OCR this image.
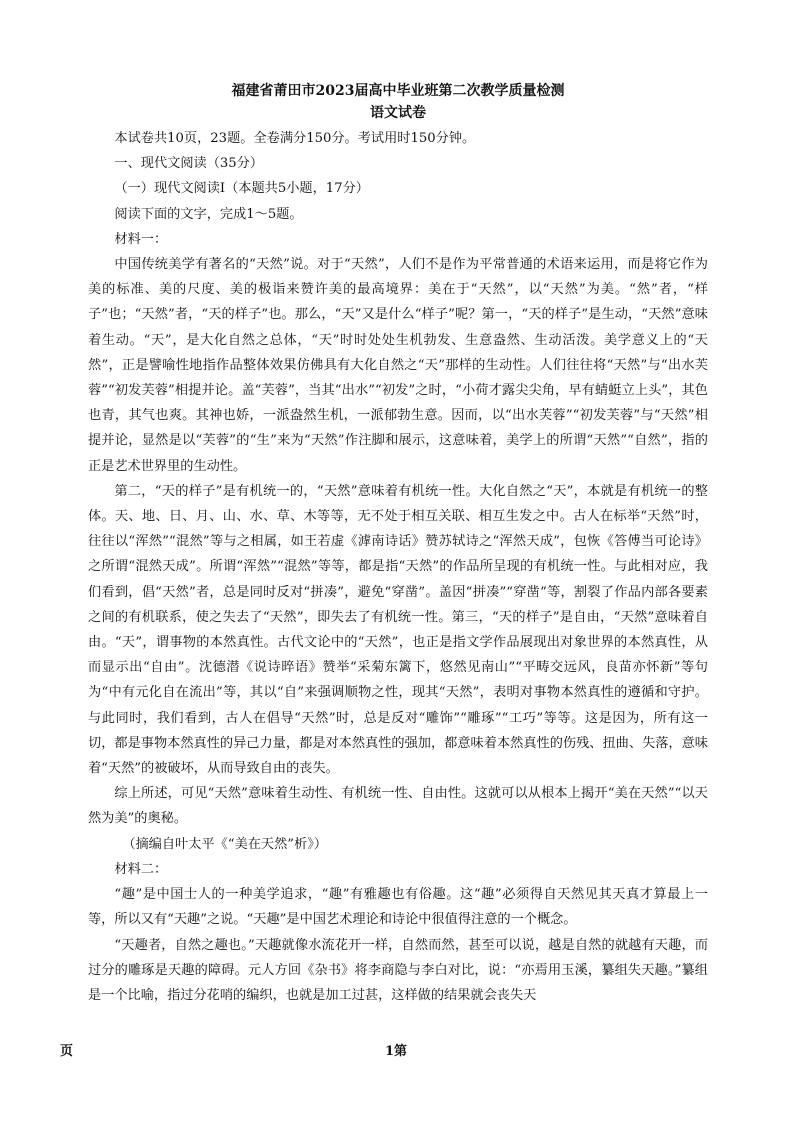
福建省莆田市2023届高中毕业班第二次教学质量检测

语文试卷

本试卷共10页，23题。全卷满分150分。考试用时150分钟。

一、现代文阅读（35分）

（一）现代文阅读Ⅰ（本题共5小题，17分）

阅读下面的文字，完成1～5题。

材料一：

中国传统美学有著名的“天然”说。对于“天然”，人们不是作为平常普通的术语来运用，而是将它作为美的标准、美的尺度、美的极诣来赞许美的最高境界：美在于“天然”，以“天然”为美。“然”者，“样子”也；“天然”者，“天的样子”也。那么，“天”又是什么“样子”呢？第一，“天的样子”是生动，“天然”意味着生动。“天”，是大化自然之总体，“天”时时处处生机勃发、生意盎然、生动活泼。美学意义上的“天然”，正是譬喻性地指作品整体效果仿佛具有大化自然之“天”那样的生动性。人们往往将“天然”与“出水芙蓉”“初发芙蓉”相提并论。盖“芙蓉”，当其“出水”“初发”之时，“小荷才露尖尖角，早有蜻蜓立上头”，其色也青，其气也爽。其神也娇，一派盎然生机，一派郁勃生意。因而，以“出水芙蓉”“初发芙蓉”与“天然”相提并论，显然是以“芙蓉”的“生”来为“天然”作注脚和展示，这意味着，美学上的所谓“天然”“自然”，指的正是艺术世界里的生动性。

第二，“天的样子”是有机统一的，“天然”意味着有机统一性。大化自然之“天”，本就是有机统一的整体。天、地、日、月、山、水、草、木等等，无不处于相互关联、相互生发之中。古人在标举“天然”时，往往以“浑然”“混然”等与之相属，如王若虚《滹南诗话》赞苏轼诗之“浑然天成”，包恢《答傅当可论诗》之所谓“混然天成”。所谓“浑然”“混然”等等，都是指“天然”的作品所呈现的有机统一性。与此相对应，我们看到，倡“天然”者，总是同时反对“拼凑”，避免“穿凿”。盖因“拼凑”“穿凿”等，割裂了作品内部各要素之间的有机联系，使之失去了“天然”，即失去了有机统一性。第三，“天的样子”是自由，“天然”意味着自由。“天”，谓事物的本然真性。古代文论中的“天然”，也正是指文学作品展现出对象世界的本然真性，从而显示出“自由”。沈德潜《说诗晬语》赞举“采菊东篱下，悠然见南山”“平畴交远风，良苗亦怀新”等句为“中有元化自在流出”等，其以“自”来强调顺物之性，现其“天然”，表明对事物本然真性的遵循和守护。与此同时，我们看到，古人在倡导“天然”时，总是反对“雕饰”“雕琢”“工巧”等等。这是因为，所有这一切，都是事物本然真性的异己力量，都是对本然真性的强加，都意味着本然真性的伤残、扭曲、失落，意味着“天然”的被破坏，从而导致自由的丧失。

综上所述，可见“天然”意味着生动性、有机统一性、自由性。这就可以从根本上揭开“美在天然”“以天然为美”的奥秘。

（摘编自叶太平《“美在天然”析》）

材料二：

“趣”是中国士人的一种美学追求，“趣”有雅趣也有俗趣。这“趣”必须得自天然见其天真才算最上一等，所以又有“天趣”之说。“天趣”是中国艺术理论和诗论中很值得注意的一个概念。

“天趣者，自然之趣也。”天趣就像水流花开一样，自然而然，甚至可以说，越是自然的就越有天趣，而过分的雕琢是天趣的障碍。元人方回《杂书》将李商隐与李白对比，说：“亦焉用玉溪，纂组失天趣。”纂组是一个比喻，指过分花哨的编织，也就是加工过甚，这样做的结果就会丧失天

页	1第
